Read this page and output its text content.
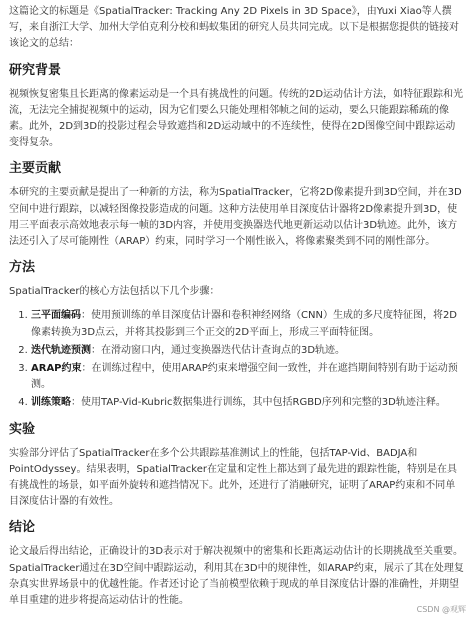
这篇论文的标题是《SpatialTracker: Tracking Any 2D Pixels in 3D Space》，由Yuxi Xiao等人撰写，来自浙江大学、加州大学伯克利分校和蚂蚁集团的研究人员共同完成。以下是根据您提供的链接对该论文的总结：

研究背景

视频恢复密集且长距离的像素运动是一个具有挑战性的问题。传统的2D运动估计方法，如特征跟踪和光流，无法完全捕捉视频中的运动，因为它们要么只能处理相邻帧之间的运动，要么只能跟踪稀疏的像素。此外，2D到3D的投影过程会导致遮挡和2D运动域中的不连续性，使得在2D图像空间中跟踪运动变得复杂。

主要贡献

本研究的主要贡献是提出了一种新的方法，称为SpatialTracker，它将2D像素提升到3D空间，并在3D空间中进行跟踪，以减轻图像投影造成的问题。这种方法使用单目深度估计器将2D像素提升到3D，使用三平面表示高效地表示每一帧的3D内容，并使用变换器迭代地更新运动以估计3D轨迹。此外，该方法还引入了尽可能刚性（ARAP）约束，同时学习一个刚性嵌入，将像素聚类到不同的刚性部分。

方法

SpatialTracker的核心方法包括以下几个步骤：

1. 三平面编码：使用预训练的单目深度估计器和卷积神经网络（CNN）生成的多尺度特征图，将2D像素转换为3D点云，并将其投影到三个正交的2D平面上，形成三平面特征图。
2. 迭代轨迹预测：在滑动窗口内，通过变换器迭代估计查询点的3D轨迹。
3. ARAP约束：在训练过程中，使用ARAP约束来增强空间一致性，并在遮挡期间特别有助于运动预测。
4. 训练策略：使用TAP-Vid-Kubric数据集进行训练，其中包括RGBD序列和完整的3D轨迹注释。
实验

实验部分评估了SpatialTracker在多个公共跟踪基准测试上的性能，包括TAP-Vid、BADJA和PointOdyssey。结果表明，SpatialTracker在定量和定性上都达到了最先进的跟踪性能，特别是在具有挑战性的场景，如平面外旋转和遮挡情况下。此外，还进行了消融研究，证明了ARAP约束和不同单目深度估计器的有效性。

结论

论文最后得出结论，正确设计的3D表示对于解决视频中的密集和长距离运动估计的长期挑战至关重要。SpatialTracker通过在3D空间中跟踪运动，利用其在3D中的规律性，如ARAP约束，展示了其在处理复杂真实世界场景中的优越性能。作者还讨论了当前模型依赖于现成的单目深度估计器的准确性，并期望单目重建的进步将提高运动估计的性能。

CSDN @观辉
